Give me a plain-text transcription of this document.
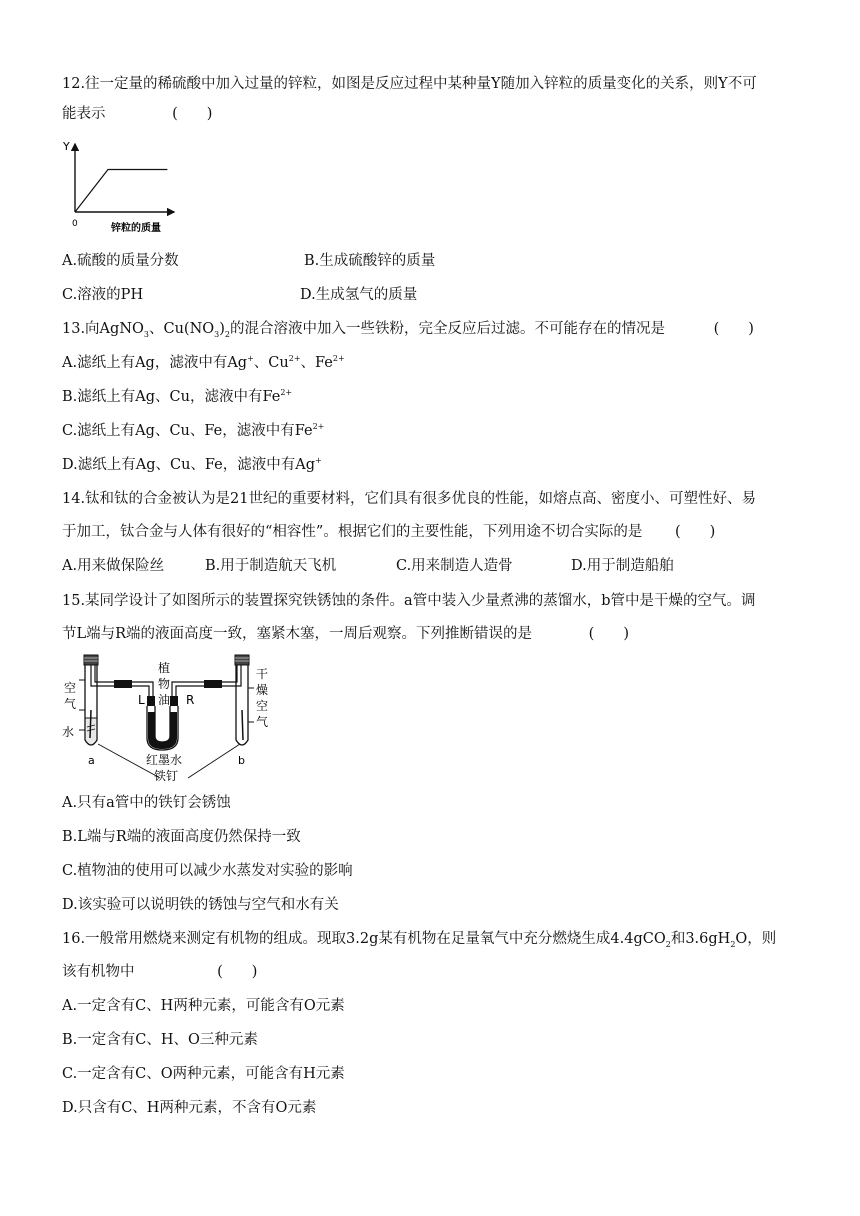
12.往一定量的稀硫酸中加入过量的锌粒，如图是反应过程中某种量Y随加入锌粒的质量变化的关系，则Y不可
能表示	(　　)
Y
0	锌粒的质量
A.硫酸的质量分数	B.生成硫酸锌的质量
C.溶液的PH	D.生成氢气的质量
13.向AgNO$_3$、$Cu(NO_3)_2$的混合溶液中加入一些铁粉，完全反应后过滤。不可能存在的情况是	(　　)
A.滤纸上有Ag，滤液中有Ag+、$Cu^{2+}$、$Fe^{2+}$
B.滤纸上有Ag、Cu，滤液中有$Fe^{2+}$
C.滤纸上有Ag、Cu、Fe，滤液中有$Fe^{2+}$
D.滤纸上有Ag、Cu、Fe，滤液中有Ag+
14.钛和钛的合金被认为是21世纪的重要材料，它们具有很多优良的性能，如熔点高、密度小、可塑性好、易
于加工，钛合金与人体有很好的“相容性”。根据它们的主要性能，下列用途不切合实际的是 (　　)
A.用来做保险丝	B.用于制造航天飞机	C.用来制造人造骨	D.用于制造船舶
15.某同学设计了如图所示的装置探究铁锈蚀的条件。a管中装入少量煮沸的蒸馏水，b管中是干燥的空气。调
节L端与R端的液面高度一致，塞紧木塞，一周后观察。下列推断错误的是	(　　)
空
气
水
植
物
油
L	R
红墨水
铁钉
干
燥
空
气
a	b
A.只有a管中的铁钉会锈蚀
B.L端与R端的液面高度仍然保持一致
C.植物油的使用可以减少水蒸发对实验的影响
D.该实验可以说明铁的锈蚀与空气和水有关
16.一般常用燃烧来测定有机物的组成。现取3.2g某有机物在足量氧气中充分燃烧生成4.4gCO$_2$和$3.6gH_2O$，则
该有机物中	(　　)
A.一定含有C、H两种元素，可能含有O元素
B.一定含有C、H、O三种元素
C.一定含有C、O两种元素，可能含有H元素
D.只含有C、H两种元素，不含有O元素
